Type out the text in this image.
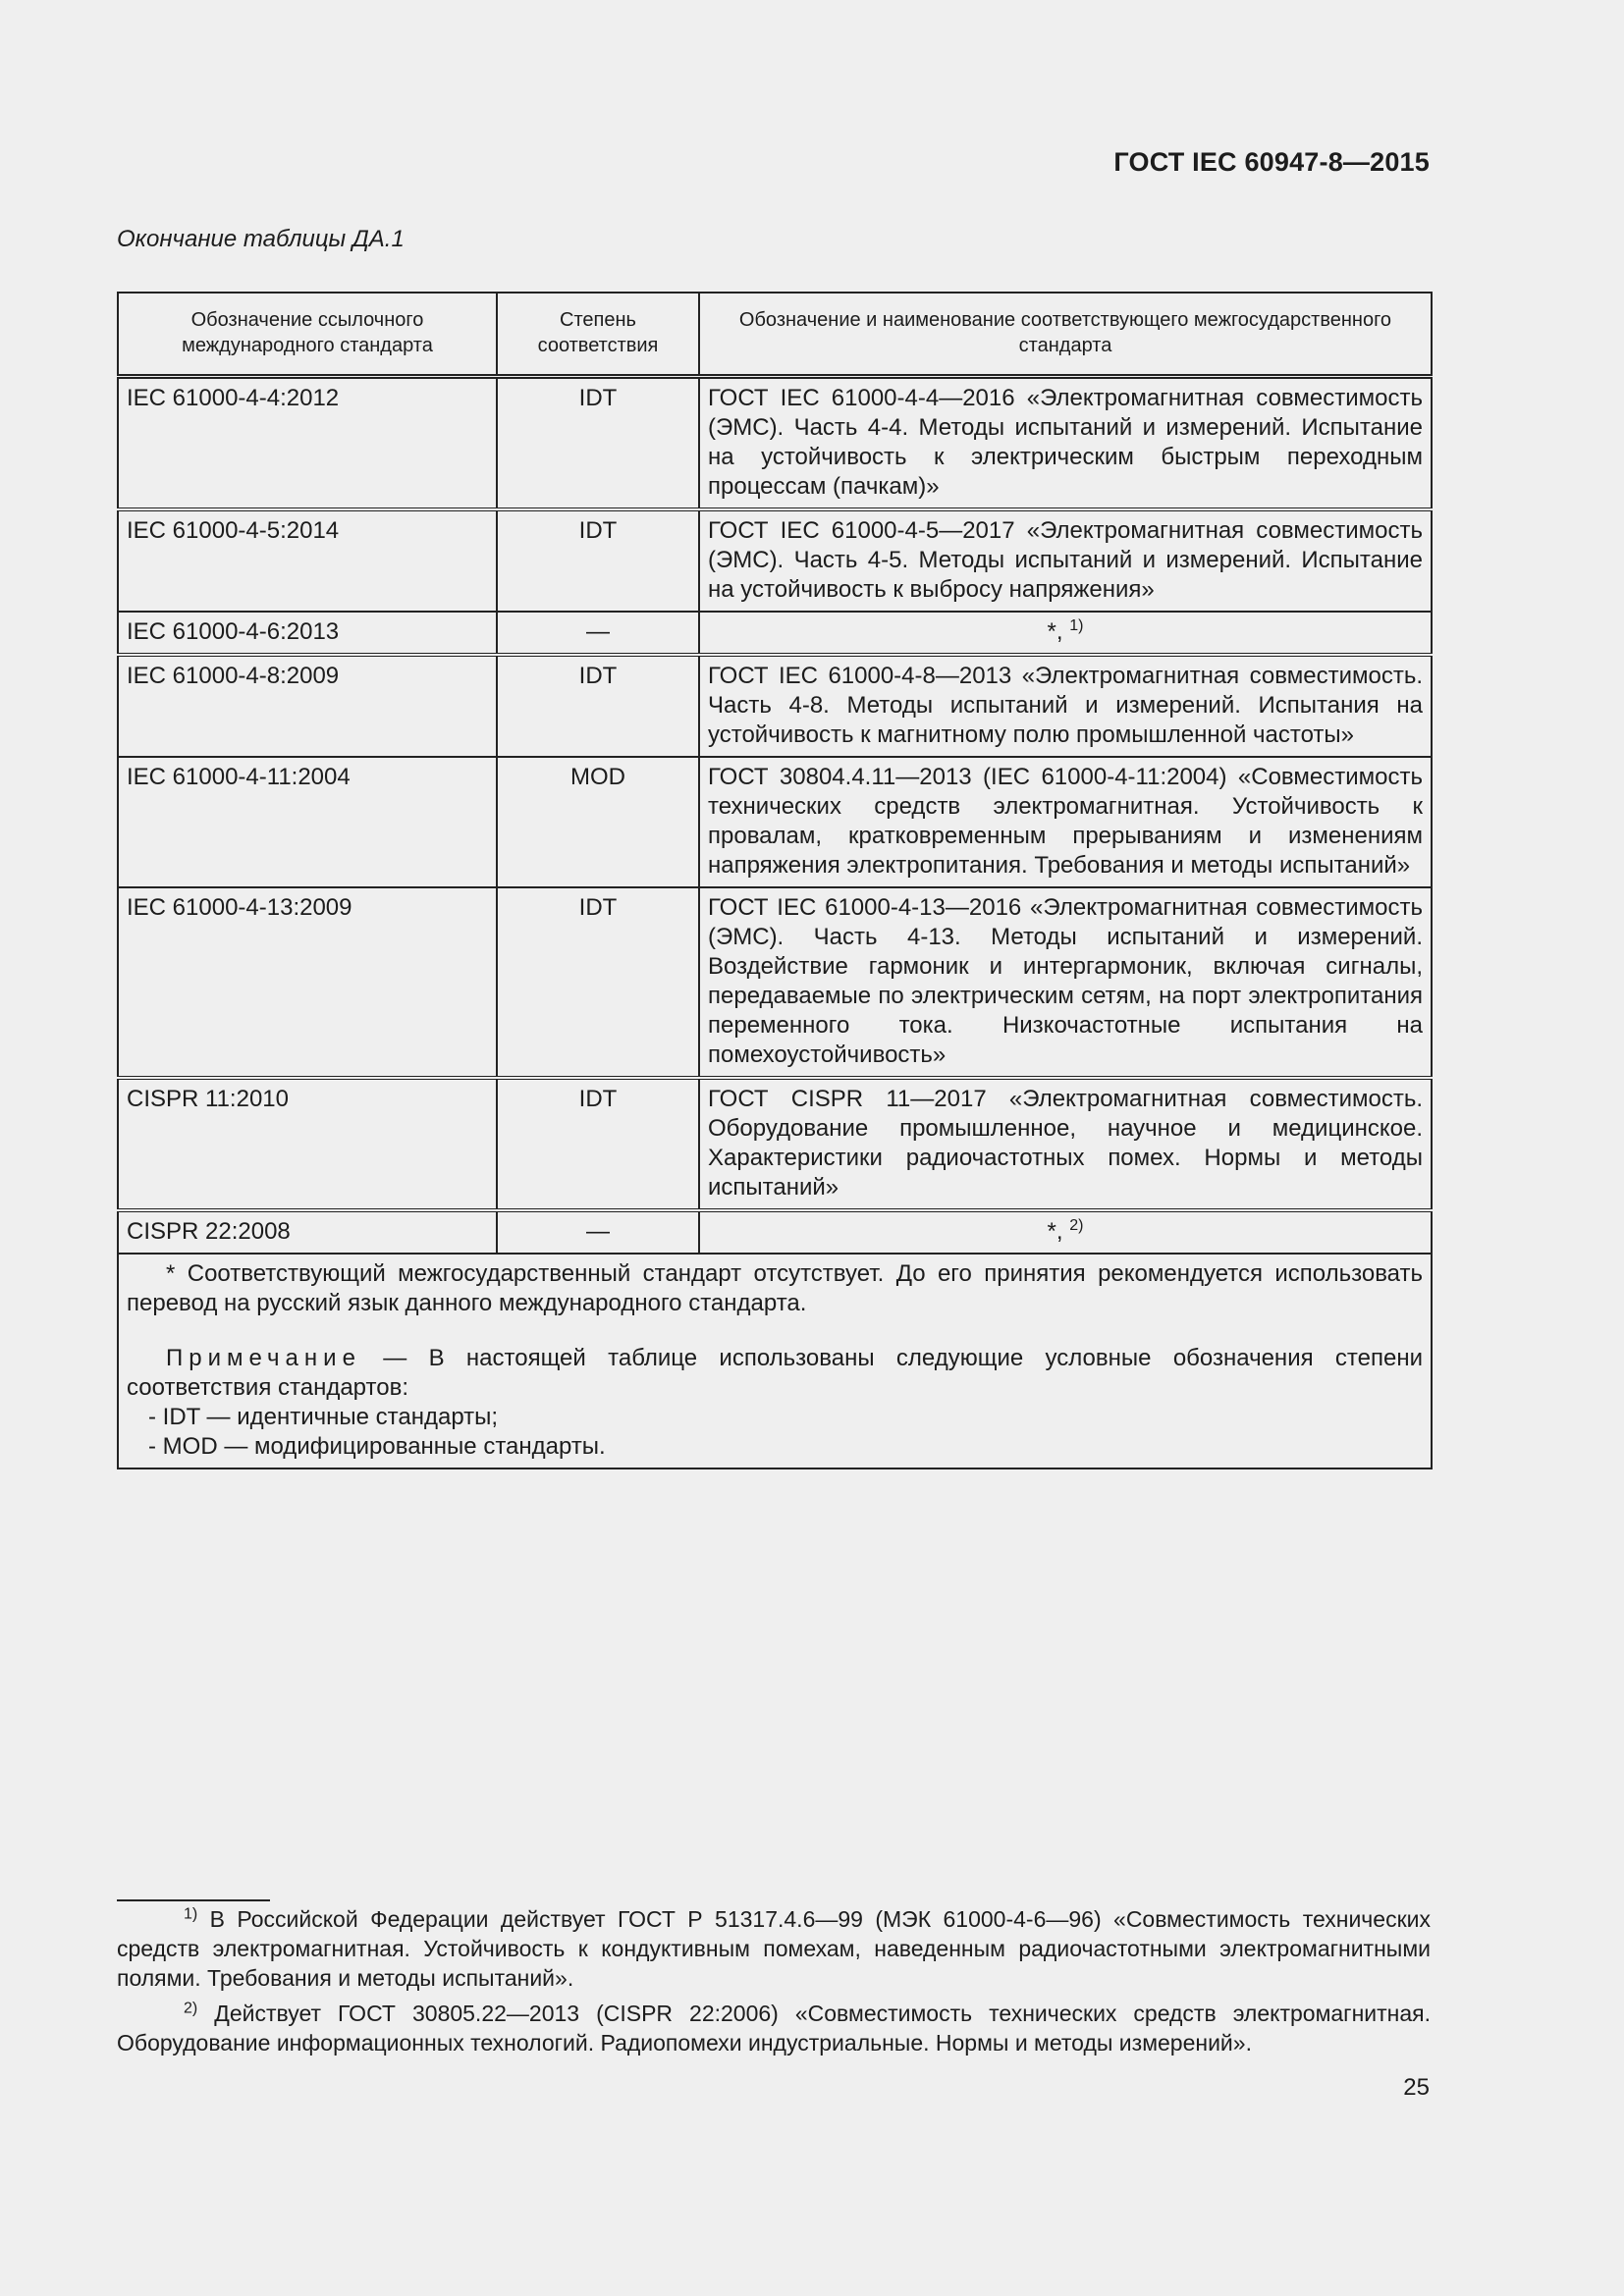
ГОСТ IEC 60947-8—2015
Окончание таблицы ДА.1
Обозначение ссылочного международного стандарта	Степень соответствия	Обозначение и наименование соответствующего межгосударственного стандарта
IEC 61000-4-4:2012	IDT	ГОСТ IEC 61000-4-4—2016 «Электромагнитная совместимость (ЭМС). Часть 4-4. Методы испытаний и измерений. Испытание на устойчивость к электрическим быстрым переходным процессам (пачкам)»
IEC 61000-4-5:2014	IDT	ГОСТ IEC 61000-4-5—2017 «Электромагнитная совместимость (ЭМС). Часть 4-5. Методы испытаний и измерений. Испытание на устойчивость к выбросу напряжения»
IEC 61000-4-6:2013	—	*, $^{1)}$
IEC 61000-4-8:2009	IDT	ГОСТ IEC 61000-4-8—2013 «Электромагнитная совместимость. Часть 4-8. Методы испытаний и измерений. Испытания на устойчивость к магнитному полю промышленной частоты»
IEC 61000-4-11:2004	MOD	ГОСТ 30804.4.11—2013 (IEC 61000-4-11:2004) «Совместимость технических средств электромагнитная. Устойчивость к провалам, кратковременным прерываниям и изменениям напряжения электропитания. Требования и методы испытаний»
IEC 61000-4-13:2009	IDT	ГОСТ IEC 61000-4-13—2016 «Электромагнитная совместимость (ЭМС). Часть 4-13. Методы испытаний и измерений. Воздействие гармоник и интергармоник, включая сигналы, передаваемые по электрическим сетям, на порт электропитания переменного тока. Низкочастотные испытания на помехоустойчивость»
CISPR 11:2010	IDT	ГОСТ CISPR 11—2017 «Электромагнитная совместимость. Оборудование промышленное, научное и медицинское. Характеристики радиочастотных помех. Нормы и методы испытаний»
CISPR 22:2008	—	*, $^{2)}$

* Соответствующий межгосударственный стандарт отсутствует. До его принятия рекомендуется использовать перевод на русский язык данного международного стандарта.
Примечание — В настоящей таблице использованы следующие условные обозначения степени соответствия стандартов:
- IDT — идентичные стандарты;
- MOD — модифицированные стандарты.		

$^{1)}$ В Российской Федерации действует ГОСТ Р 51317.4.6—99 (МЭК 61000-4-6—96) «Совместимость технических средств электромагнитная. Устойчивость к кондуктивным помехам, наведенным радиочастотными электромагнитными полями. Требования и методы испытаний».

$^{2)}$ Действует ГОСТ 30805.22—2013 (CISPR 22:2006) «Совместимость технических средств электромагнитная. Оборудование информационных технологий. Радиопомехи индустриальные. Нормы и методы измерений».

25
